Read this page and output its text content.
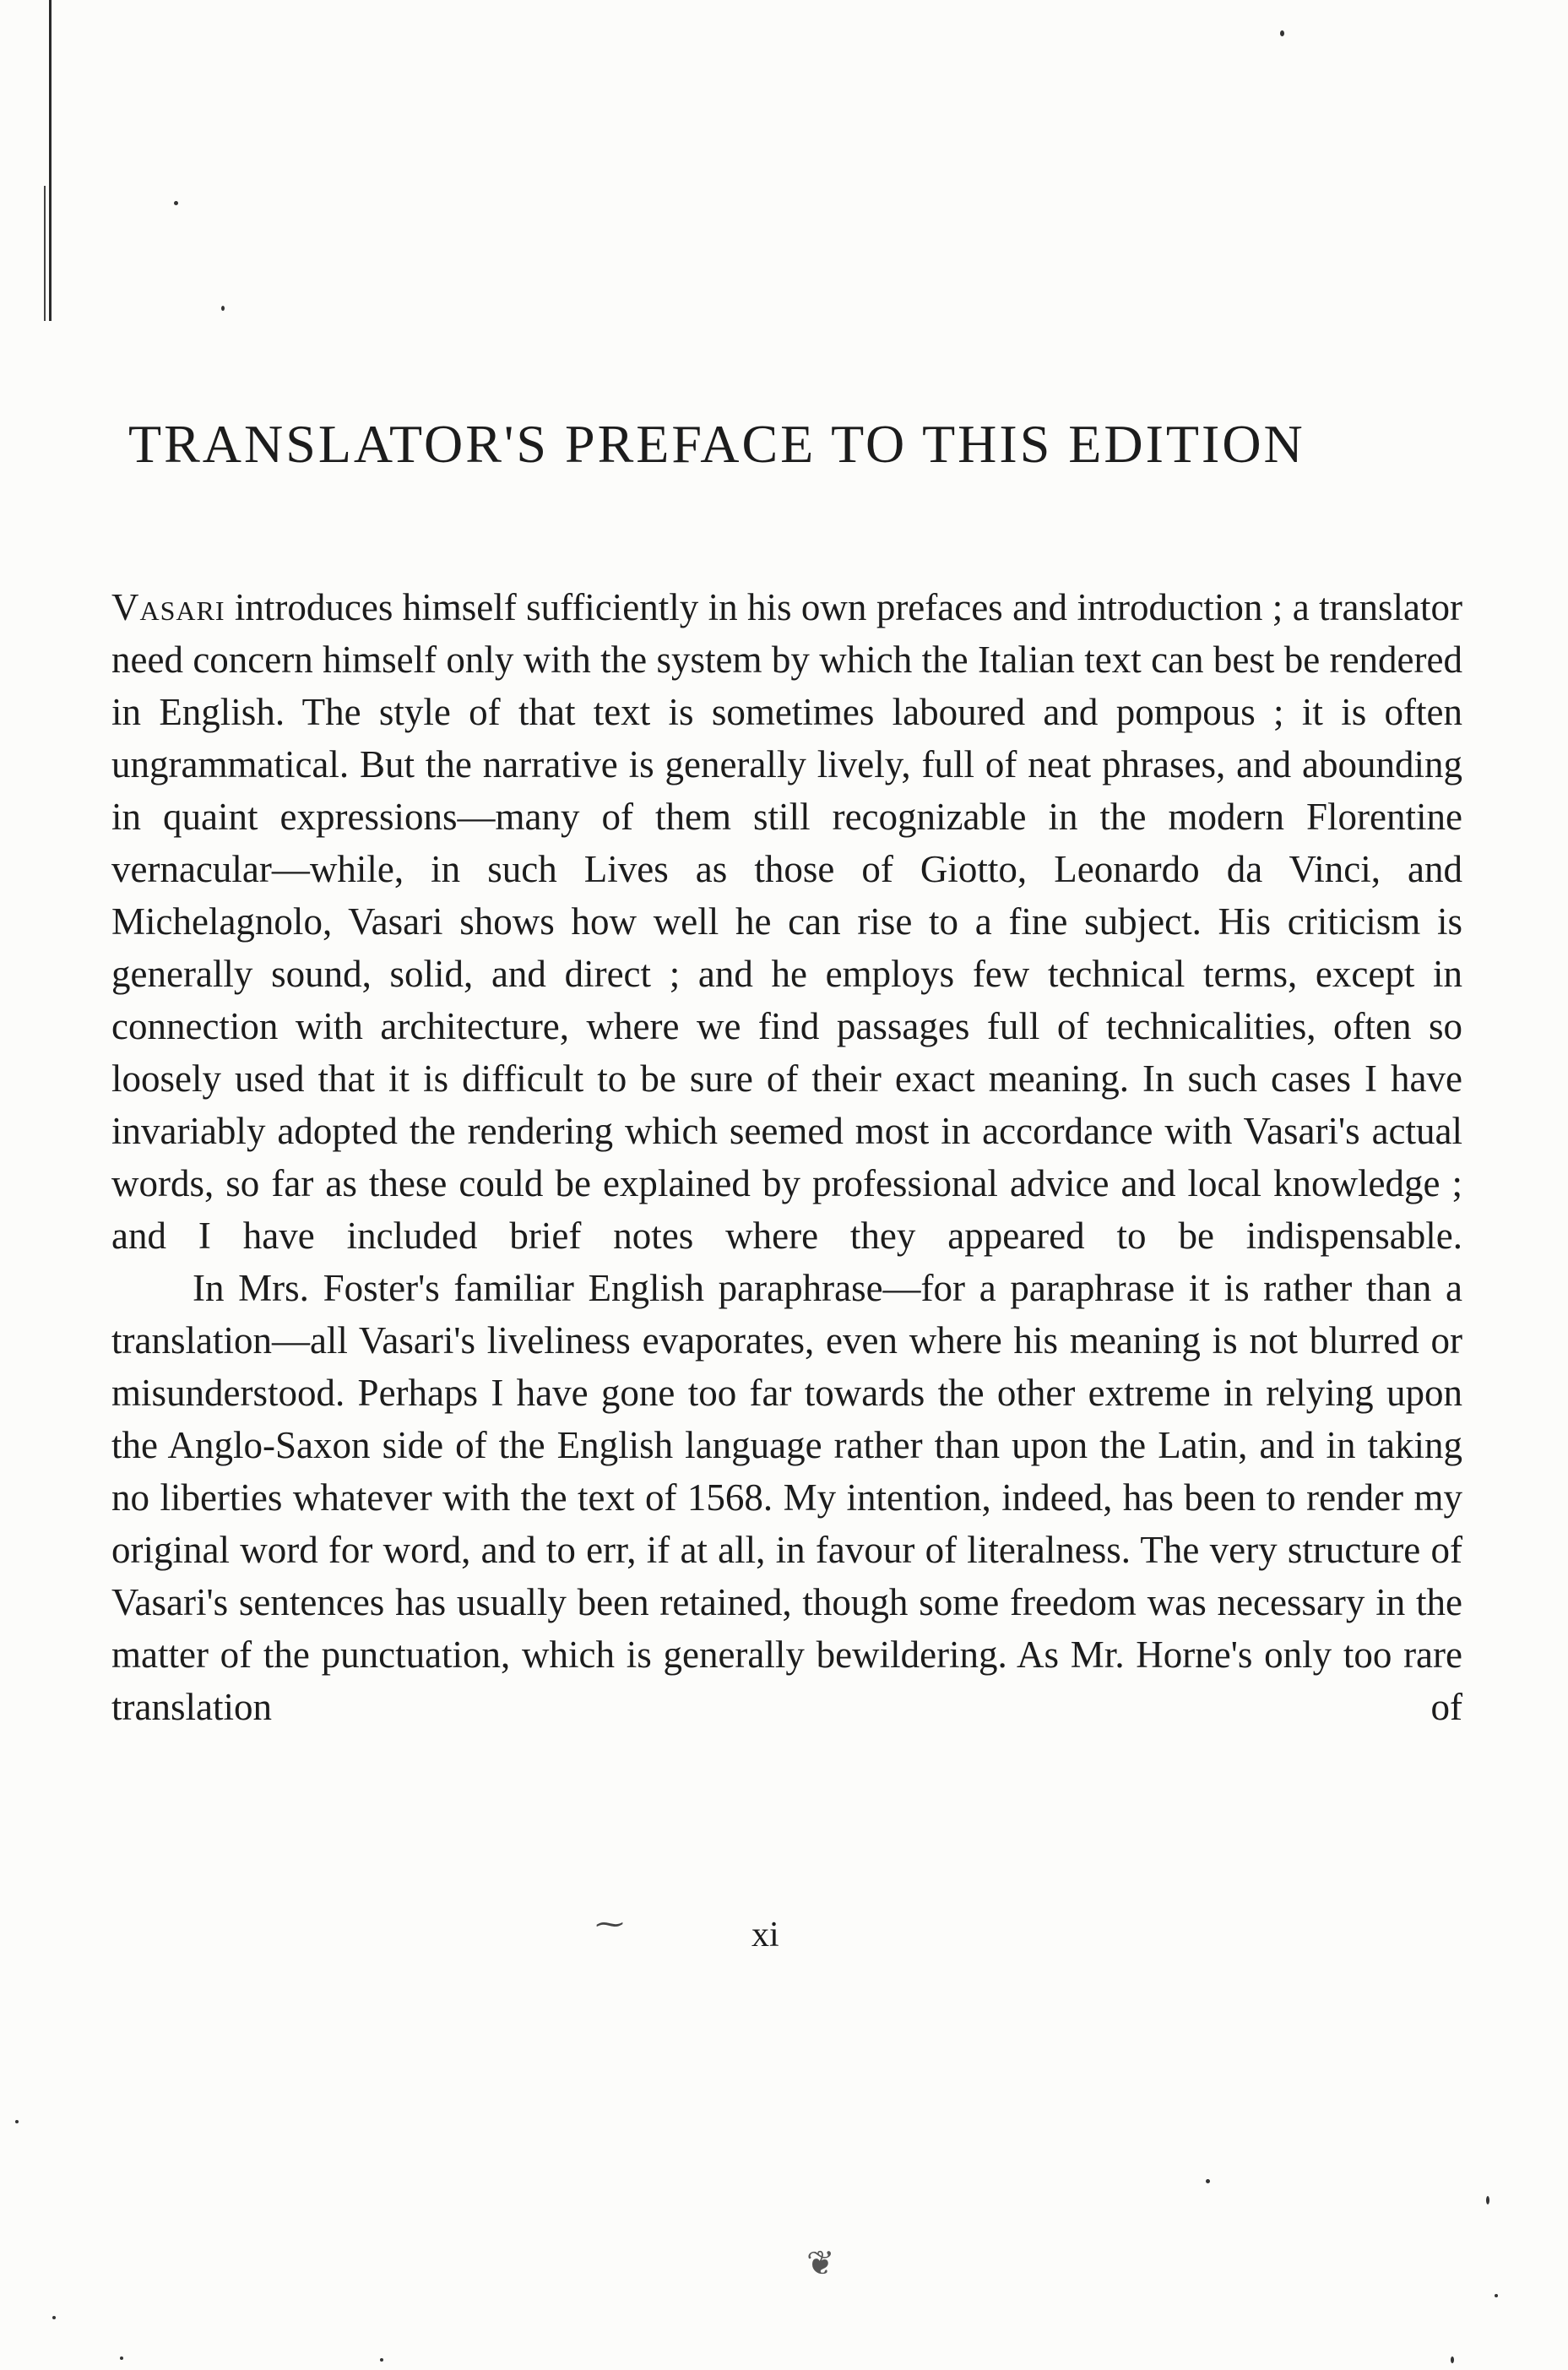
TRANSLATOR'S PREFACE TO THIS EDITION

Vasari introduces himself sufficiently in his own prefaces and introduction ; a translator need concern himself only with the system by which the Italian text can best be rendered in English. The style of that text is sometimes laboured and pompous ; it is often ungrammatical. But the narrative is generally lively, full of neat phrases, and abounding in quaint expressions—many of them still recognizable in the modern Florentine vernacular—while, in such Lives as those of Giotto, Leonardo da Vinci, and Michelagnolo, Vasari shows how well he can rise to a fine subject. His criticism is generally sound, solid, and direct ; and he employs few technical terms, except in connection with architecture, where we find passages full of technicalities, often so loosely used that it is difficult to be sure of their exact meaning. In such cases I have invariably adopted the rendering which seemed most in accordance with Vasari's actual words, so far as these could be explained by professional advice and local knowledge ; and I have included brief notes where they appeared to be indispensable.

In Mrs. Foster's familiar English paraphrase—for a paraphrase it is rather than a translation—all Vasari's liveliness evaporates, even where his meaning is not blurred or misunderstood. Perhaps I have gone too far towards the other extreme in relying upon the Anglo-Saxon side of the English language rather than upon the Latin, and in taking no liberties whatever with the text of 1568. My intention, indeed, has been to render my original word for word, and to err, if at all, in favour of literalness. The very structure of Vasari's sentences has usually been retained, though some freedom was necessary in the matter of the punctuation, which is generally bewildering. As Mr. Horne's only too rare translation of

⁓	xi
❦
